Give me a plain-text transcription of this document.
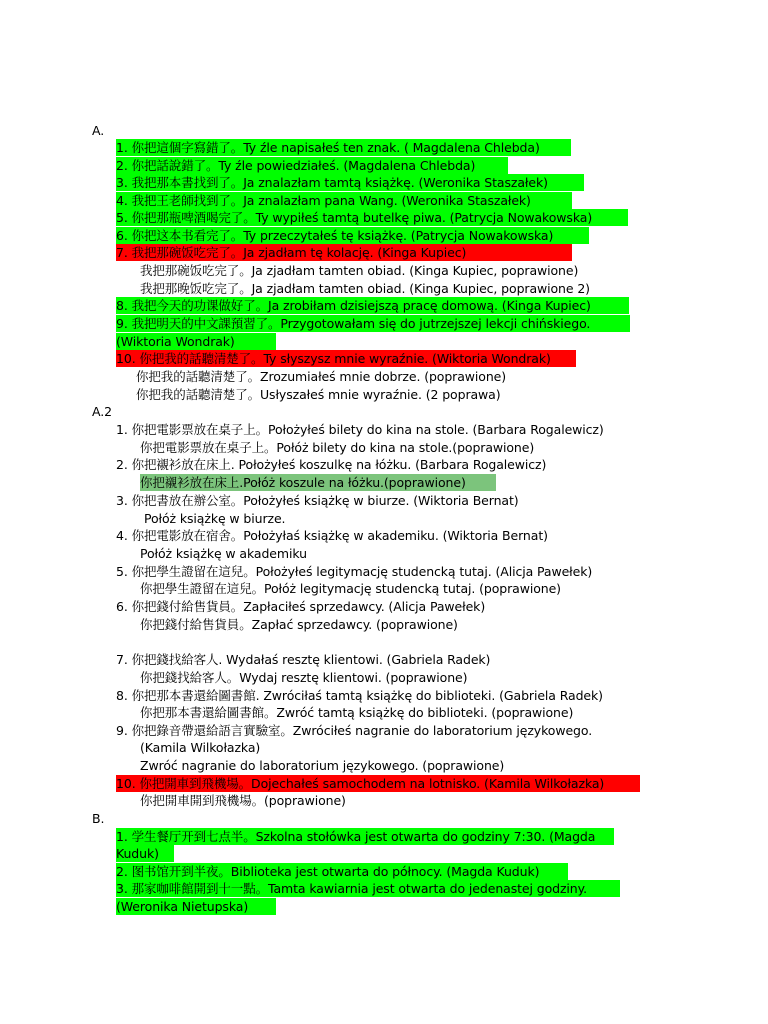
A.
1. 你把這個字寫錯了。Ty źle napisałeś ten znak. ( Magdalena Chlebda)
2. 你把話說錯了。Ty źle powiedziałeś. (Magdalena Chlebda)
3. 我把那本書找到了。Ja znalazłam tamtą książkę. (Weronika Staszałek)
4. 我把王老師找到了。Ja znalazłam pana Wang. (Weronika Staszałek)
5. 你把那瓶啤酒喝完了。Ty wypiłeś tamtą butelkę piwa. (Patrycja Nowakowska)
6. 你把这本书看完了。Ty przeczytałeś tę książkę. (Patrycja Nowakowska)
7. 我把那碗饭吃完了。Ja zjadłam tę kolację. (Kinga Kupiec)
我把那碗饭吃完了。Ja zjadłam tamten obiad. (Kinga Kupiec, poprawione)
我把那晚饭吃完了。Ja zjadłam tamten obiad. (Kinga Kupiec, poprawione 2)
8. 我把今天的功课做好了。Ja zrobiłam dzisiejszą pracę domową. (Kinga Kupiec)
9. 我把明天的中文課預習了。Przygotowałam się do jutrzejszej lekcji chińskiego.
(Wiktoria Wondrak)
10. 你把我的話聽清楚了。Ty słyszysz mnie wyraźnie. (Wiktoria Wondrak)
你把我的話聽清楚了。Zrozumiałeś mnie dobrze. (poprawione)
你把我的話聽清楚了。Usłyszałeś mnie wyraźnie. (2 poprawa)
A.2
1. 你把電影票放在桌子上。Położyłeś bilety do kina na stole. (Barbara Rogalewicz)
你把電影票放在桌子上。Połóż bilety do kina na stole.(poprawione)
2. 你把襯衫放在床上. Położyłeś koszulkę na łóżku. (Barbara Rogalewicz)
你把襯衫放在床上.Połóż koszule na łóżku.(poprawione)
3. 你把書放在辦公室。Położyłeś książkę w biurze. (Wiktoria Bernat)
Połóż książkę w biurze.
4. 你把電影放在宿舍。Położyłaś książkę w akademiku. (Wiktoria Bernat)
Połóż książkę w akademiku
5. 你把學生證留在這兒。Położyłeś legitymację studencką tutaj. (Alicja Pawełek)
你把學生證留在這兒。Połóż legitymację studencką tutaj. (poprawione)
6. 你把錢付給售貨員。Zapłaciłeś sprzedawcy. (Alicja Pawełek)
你把錢付給售貨員。Zapłać sprzedawcy. (poprawione)
7. 你把錢找給客人. Wydałaś resztę klientowi. (Gabriela Radek)
你把錢找給客人。Wydaj resztę klientowi. (poprawione)
8. 你把那本書還給圖書館. Zwróciłaś tamtą książkę do biblioteki. (Gabriela Radek)
你把那本書還給圖書館。Zwróć tamtą książkę do biblioteki. (poprawione)
9. 你把錄音帶還給語言實驗室。Zwróciłeś nagranie do laboratorium językowego.
(Kamila Wilkołazka)
Zwróć nagranie do laboratorium językowego. (poprawione)
10. 你把開車到飛機場。Dojechałeś samochodem na lotnisko. (Kamila Wilkołazka)
你把開車開到飛機場。(poprawione)
B.
1. 学生餐厅开到七点半。Szkolna stołówka jest otwarta do godziny 7:30. (Magda
Kuduk)
2. 图书馆开到半夜。Biblioteka jest otwarta do północy. (Magda Kuduk)
3. 那家咖啡館開到十一點。Tamta kawiarnia jest otwarta do jedenastej godziny.
(Weronika Nietupska)
